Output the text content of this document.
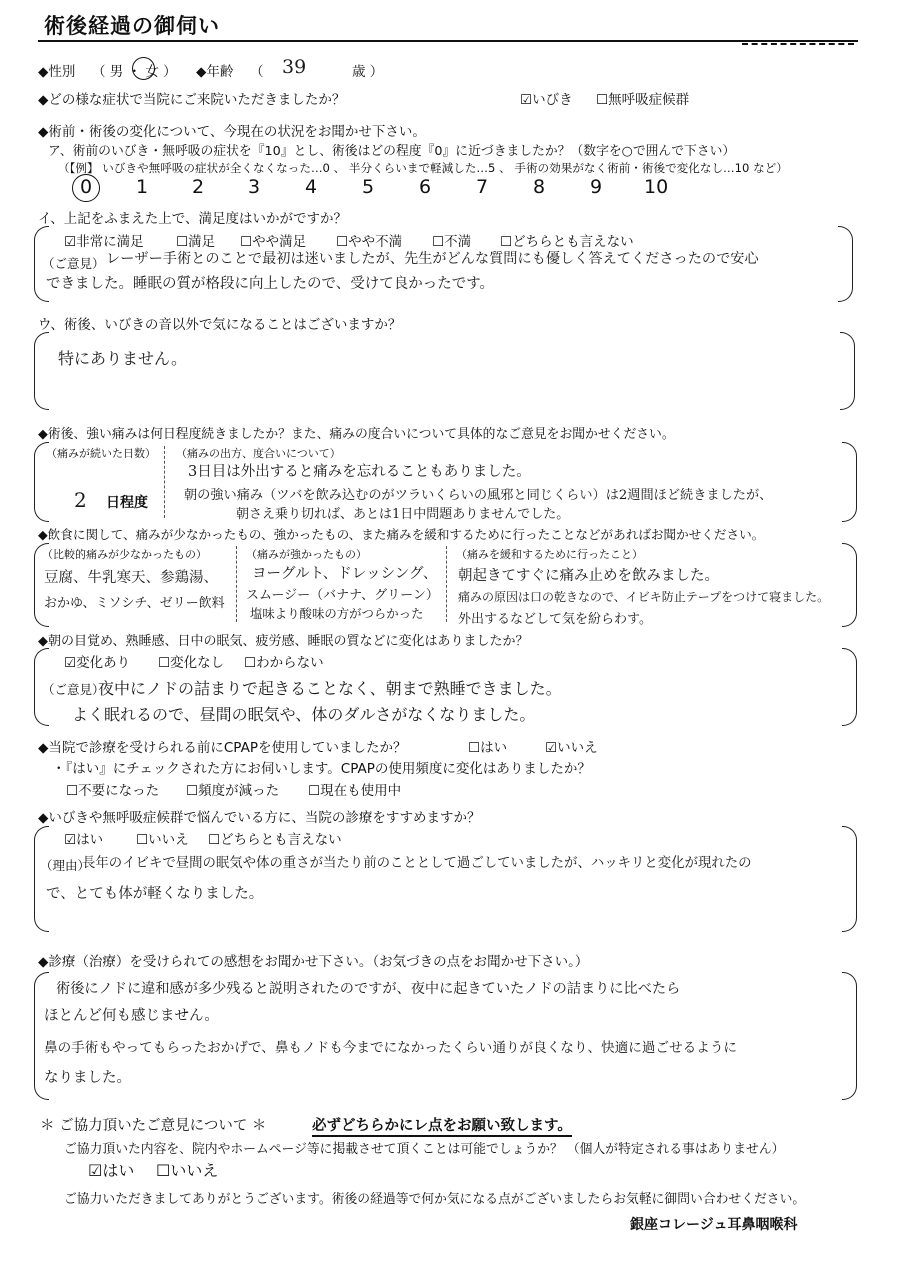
術後経過の御伺い
◆性別 （ 男 ・ 女 ） ◆年齢 （ 39	歳 ）
◆どの様な症状で当院にご来院いただきましたか？	☑いびき ☐無呼吸症候群
◆術前・術後の変化について、今現在の状況をお聞かせ下さい。
ア、術前のいびき・無呼吸の症状を『10』とし、術後はどの程度『0』に近づきましたか？（数字を○で囲んで下さい）
（【例】 いびきや無呼吸の症状が全くなくなった…0 、 半分くらいまで軽減した…5 、 手術の効果がなく術前・術後で変化なし…10 など）
0 1 2 3 4 5 6 7 8 9 10
イ、上記をふまえた上で、満足度はいかがですか？
☑非常に満足 ☐満足 ☐やや満足 ☐やや不満 ☐不満 ☐どちらとも言えない
（ご意見） レーザー手術とのことで最初は迷いましたが、先生がどんな質問にも優しく答えてくださったので安心
できました。睡眠の質が格段に向上したので、受けて良かったです。
ウ、術後、いびきの音以外で気になることはございますか？
特にありません。
◆術後、強い痛みは何日程度続きましたか？また、痛みの度合いについて具体的なご意見をお聞かせください。
（痛みが続いた日数）
2 日程度
（痛みの出方、度合いについて）
3日目は外出すると痛みを忘れることもありました。
朝の強い痛み（ツバを飲み込むのがツラいくらいの風邪と同じくらい）は2週間ほど続きましたが、
朝さえ乗り切れば、あとは1日中問題ありませんでした。
◆飲食に関して、痛みが少なかったもの、強かったもの、また痛みを緩和するために行ったことなどがあればお聞かせください。
（比較的痛みが少なかったもの）
豆腐、牛乳寒天、参鶏湯、
おかゆ、ミソシチ、ゼリー飲料
（痛みが強かったもの）
ヨーグルト、ドレッシング、
スムージー（バナナ、グリーン）
塩味より酸味の方がつらかった
（痛みを緩和するために行ったこと）
朝起きてすぐに痛み止めを飲みました。
痛みの原因は口の乾きなので、イビキ防止テープをつけて寝ました。
外出するなどして気を紛らわす。
◆朝の目覚め、熟睡感、日中の眠気、疲労感、睡眠の質などに変化はありましたか？
☑変化あり ☐変化なし ☐わからない
（ご意見）
夜中にノドの詰まりで起きることなく、朝まで熟睡できました。
よく眠れるので、昼間の眠気や、体のダルさがなくなりました。
◆当院で診療を受けられる前にCPAPを使用していましたか？	☐はい	☑いいえ
・『はい』にチェックされた方にお伺いします。CPAPの使用頻度に変化はありましたか？
☐不要になった ☐頻度が減った ☐現在も使用中
◆いびきや無呼吸症候群で悩んでいる方に、当院の診療をすすめますか？
☑はい ☐いいえ ☐どちらとも言えない
（理由）
長年のイビキで昼間の眠気や体の重さが当たり前のこととして過ごしていましたが、ハッキリと変化が現れたの
で、とても体が軽くなりました。
◆診療（治療）を受けられての感想をお聞かせ下さい。（お気づきの点をお聞かせ下さい。）
術後にノドに違和感が多少残ると説明されたのですが、夜中に起きていたノドの詰まりに比べたら
ほとんど何も感じません。
鼻の手術もやってもらったおかげで、鼻もノドも今までになかったくらい通りが良くなり、快適に過ごせるように
なりました。
＊ ご協力頂いたご意見について ＊	必ずどちらかにレ点をお願い致します。
ご協力頂いた内容を、院内やホームページ等に掲載させて頂くことは可能でしょうか？ （個人が特定される事はありません）
☑はい ☐いいえ
ご協力いただきましてありがとうございます。術後の経過等で何か気になる点がございましたらお気軽に御問い合わせください。
銀座コレージュ耳鼻咽喉科
